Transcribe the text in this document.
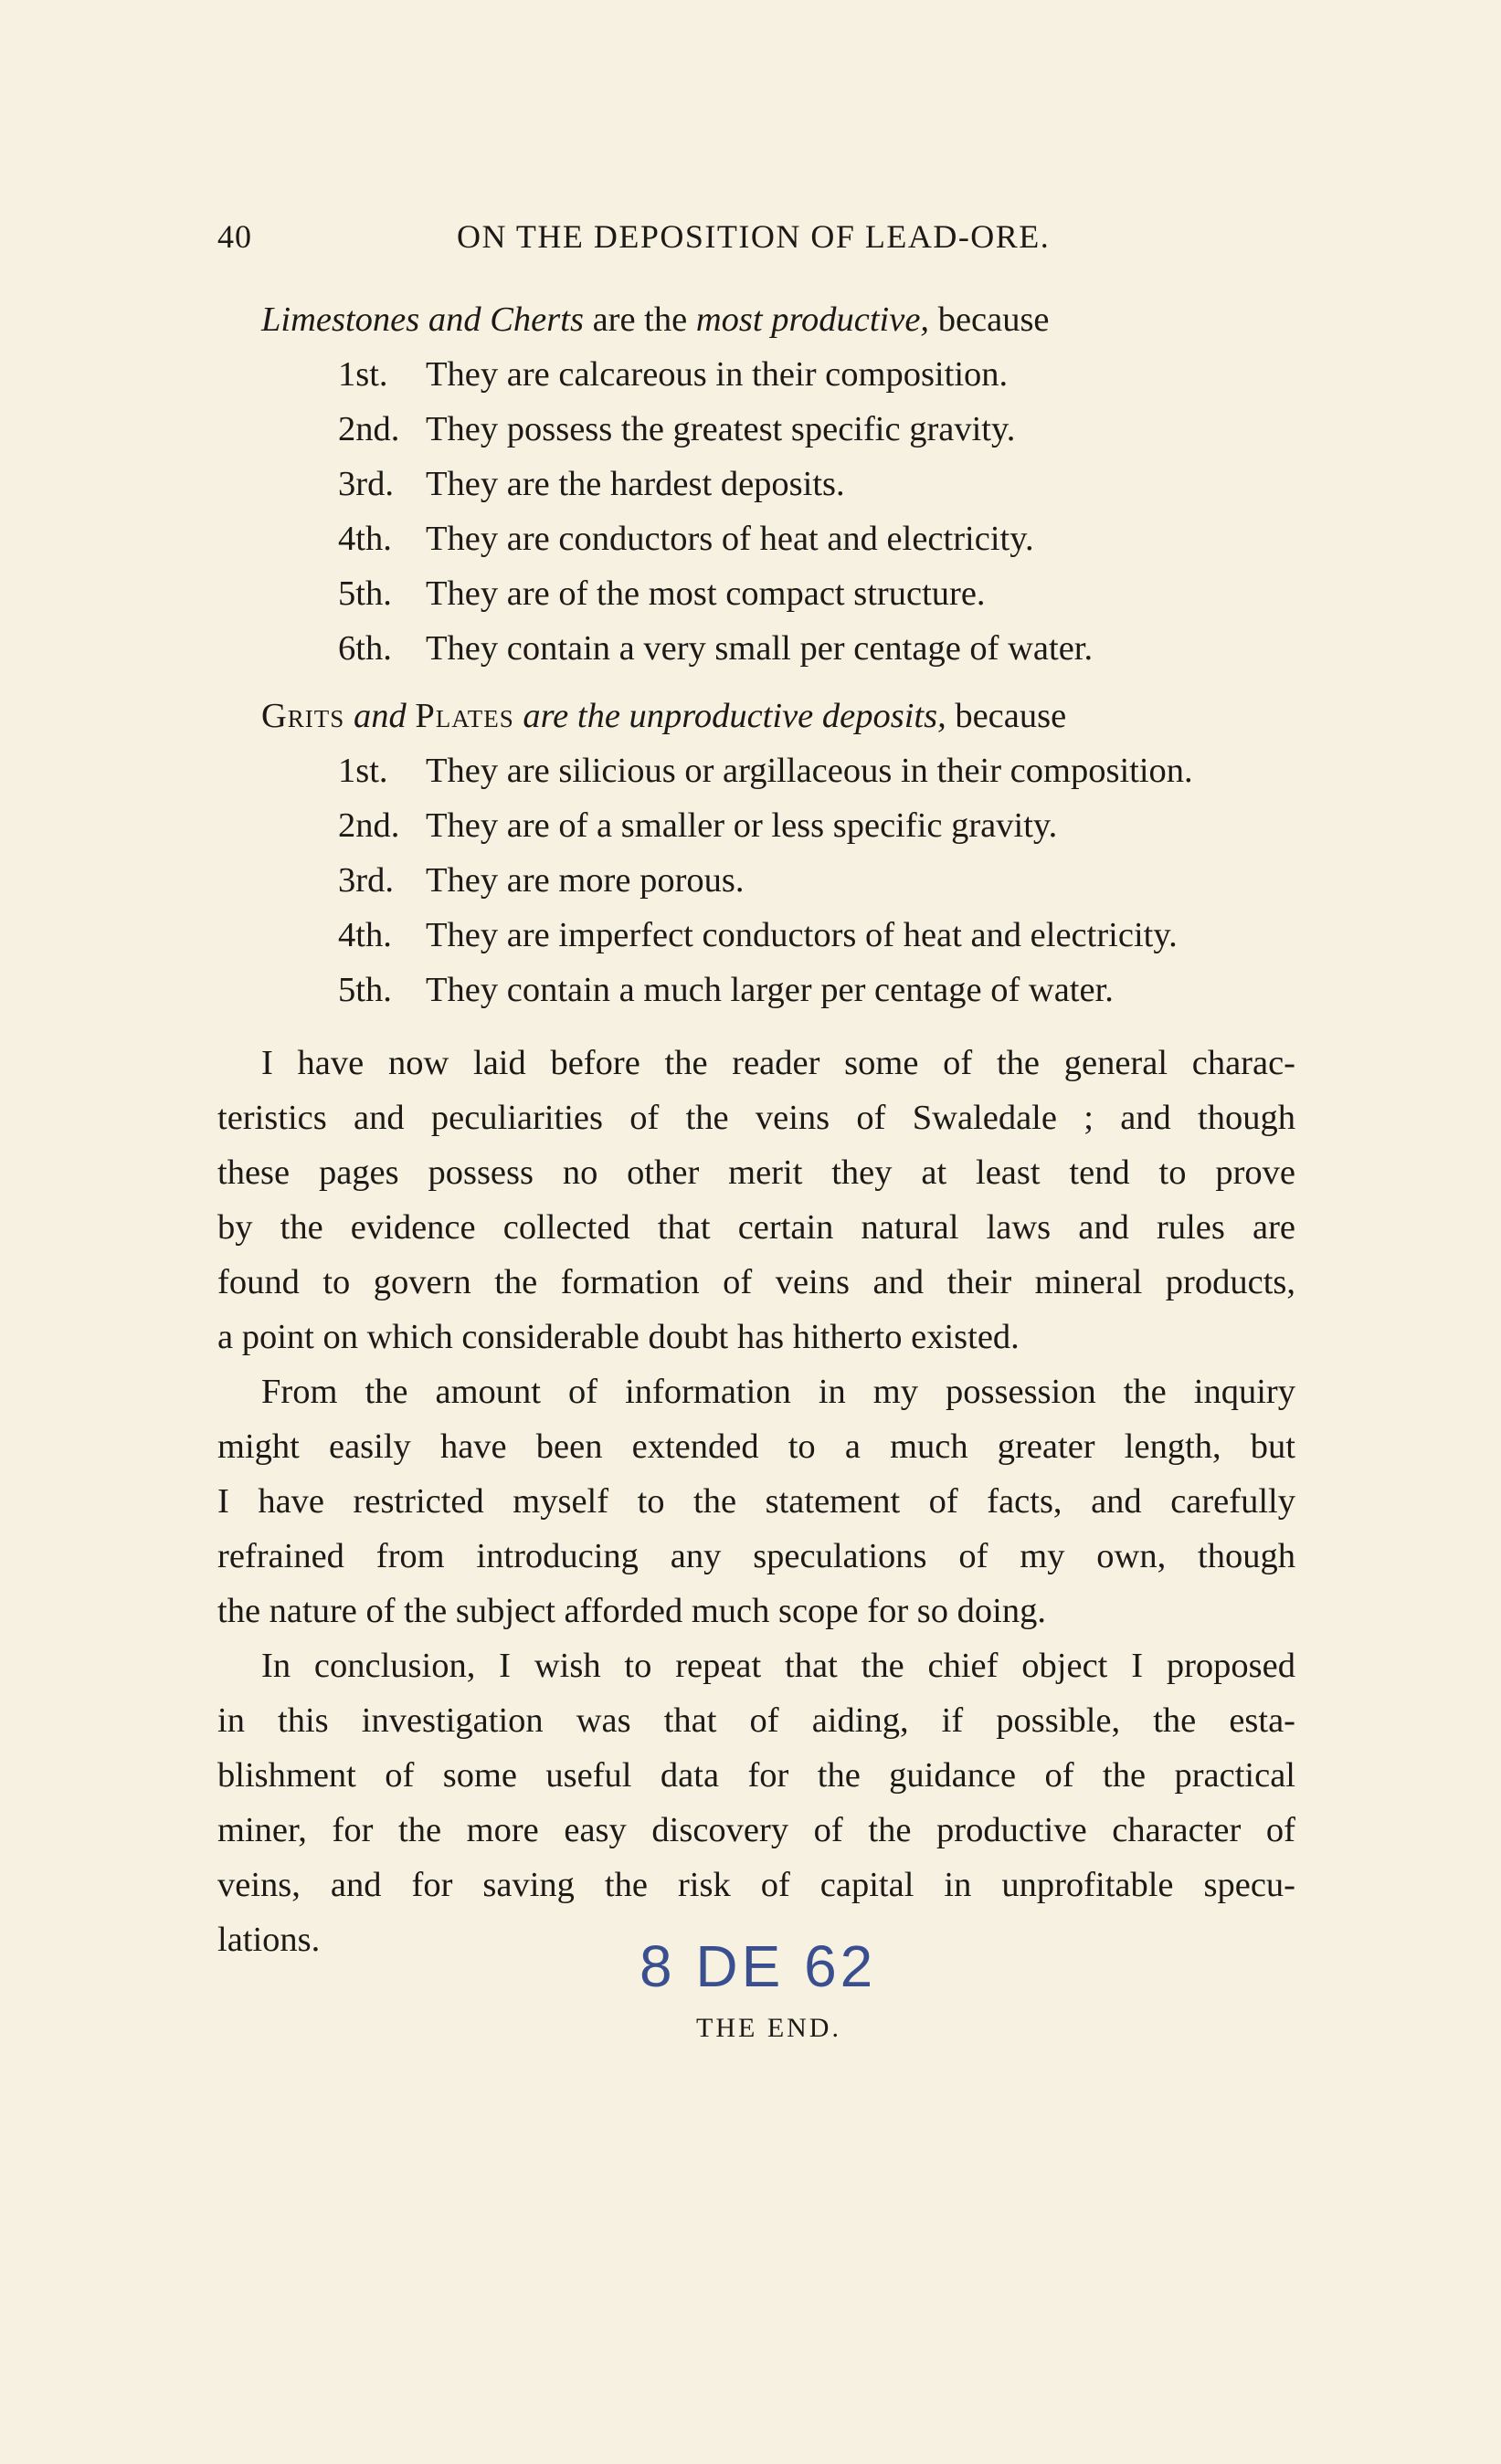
40	ON THE DEPOSITION OF LEAD-ORE.

Limestones and Cherts are the most productive, because

1st. They are calcareous in their composition.

2nd. They possess the greatest specific gravity.

3rd. They are the hardest deposits.

4th. They are conductors of heat and electricity.

5th. They are of the most compact structure.

6th. They contain a very small per centage of water.

Grits and Plates are the unproductive deposits, because

1st. They are silicious or argillaceous in their composition.

2nd. They are of a smaller or less specific gravity.

3rd. They are more porous.

4th. They are imperfect conductors of heat and electricity.

5th. They contain a much larger per centage of water.

I have now laid before the reader some of the general charac-

teristics and peculiarities of the veins of Swaledale ; and though

these pages possess no other merit they at least tend to prove

by the evidence collected that certain natural laws and rules are

found to govern the formation of veins and their mineral products,

a point on which considerable doubt has hitherto existed.

From the amount of information in my possession the inquiry

might easily have been extended to a much greater length, but

I have restricted myself to the statement of facts, and carefully

refrained from introducing any speculations of my own, though

the nature of the subject afforded much scope for so doing.

In conclusion, I wish to repeat that the chief object I proposed

in this investigation was that of aiding, if possible, the esta-

blishment of some useful data for the guidance of the practical

miner, for the more easy discovery of the productive character of

veins, and for saving the risk of capital in unprofitable specu-

lations.	8 DE 62
THE END.
